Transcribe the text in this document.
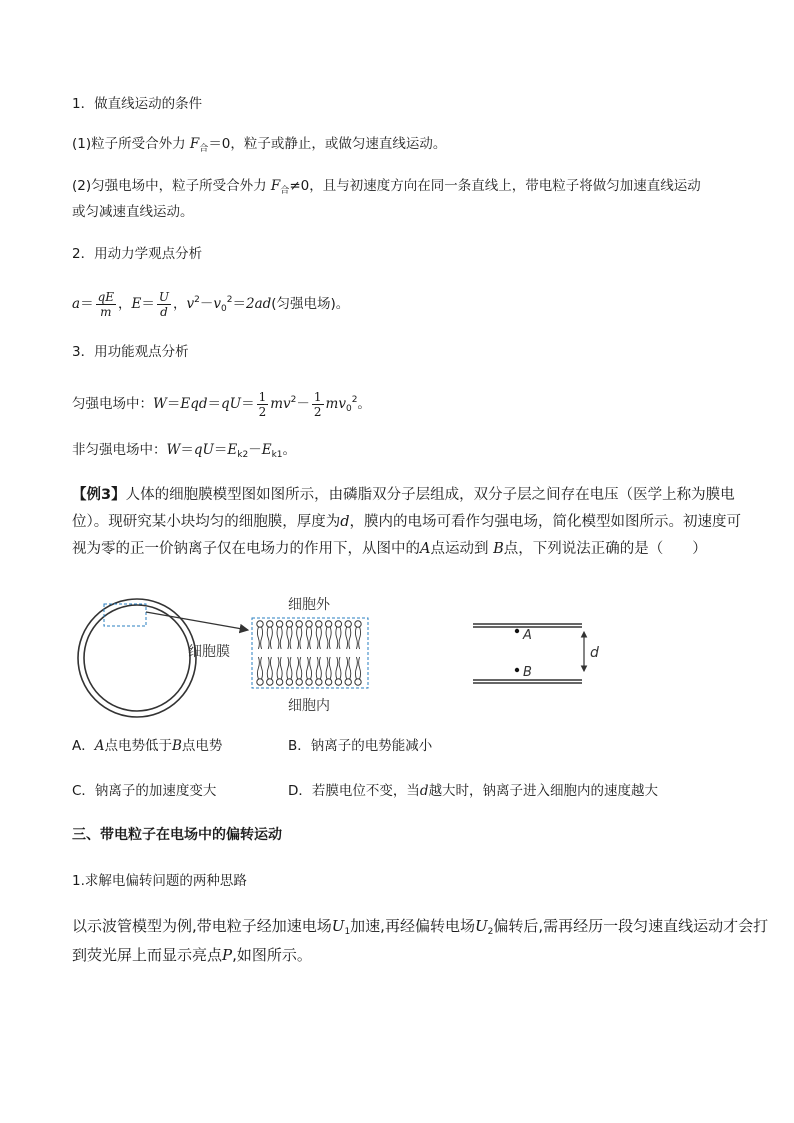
1．做直线运动的条件
(1)粒子所受合外力 $F_合=0$，粒子或静止，或做匀速直线运动。
(2)匀强电场中，粒子所受合外力 $F_合\ne 0$，且与初速度方向在同一条直线上，带电粒子将做匀加速直线运动
或匀减速直线运动。
2．用动力学观点分析
$a= \frac{qE}{m}$ ，$E= \frac{U}{d}$ ，$v^2-v_0^2=2ad$(匀强电场)。
3．用功能观点分析
匀强电场中：$W=Eqd=qU= \frac{1}{2} mv^2- \frac{1}{2} mv_0^2$。
非匀强电场中：$W=qU=E_{k2}-E_{k1}$。
【例3】人体的细胞膜模型图如图所示，由磷脂双分子层组成，双分子层之间存在电压（医学上称为膜电
位）。现研究某小块均匀的细胞膜，厚度为d，膜内的电场可看作匀强电场，简化模型如图所示。初速度可
视为零的正一价钠离子仅在电场力的作用下，从图中的A点运动到 B点，下列说法正确的是（　　）
细胞膜
细胞外
细胞内
A
B
d
A．A点电势低于B点电势	B．钠离子的电势能减小
C．钠离子的加速度变大	D．若膜电位不变，当d越大时，钠离子进入细胞内的速度越大
三、带电粒子在电场中的偏转运动
1.求解电偏转问题的两种思路
以示波管模型为例,带电粒子经加速电场$U_1$加速,再经偏转电场$U_2$偏转后,需再经历一段匀速直线运动才会打
到荧光屏上而显示亮点P,如图所示。
